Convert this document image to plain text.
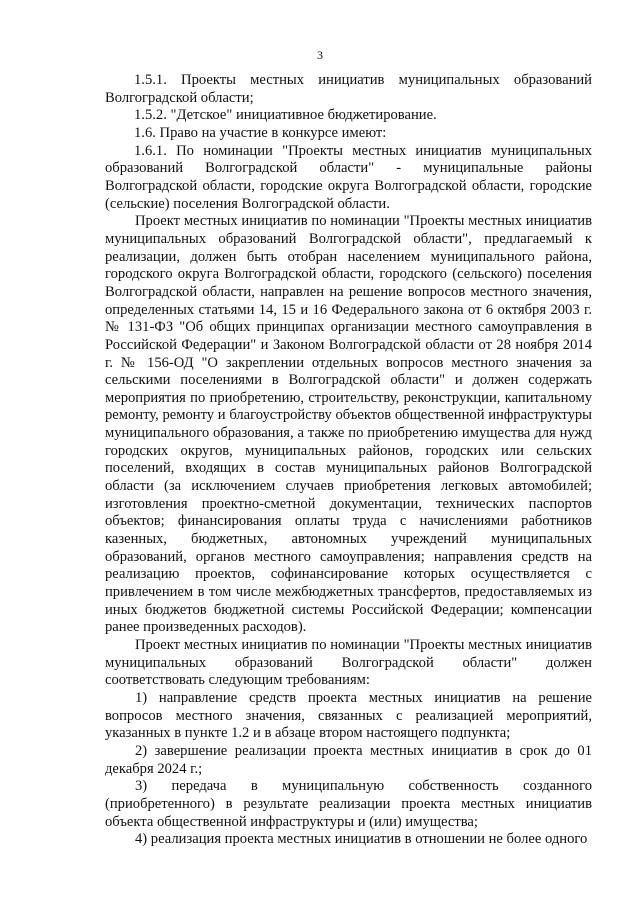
3

1.5.1. Проекты местных инициатив муниципальных образований Волгоградской области;

1.5.2. "Детское" инициативное бюджетирование.

1.6. Право на участие в конкурсе имеют:

1.6.1. По номинации "Проекты местных инициатив муниципальных образований Волгоградской области" - муниципальные районы Волгоградской области, городские округа Волгоградской области, городские (сельские) поселения Волгоградской области.

Проект местных инициатив по номинации "Проекты местных инициатив муниципальных образований Волгоградской области", предлагаемый к реализации, должен быть отобран населением муниципального района, городского округа Волгоградской области, городского (сельского) поселения Волгоградской области, направлен на решение вопросов местного значения, определенных статьями 14, 15 и 16 Федерального закона от 6 октября 2003 г. № 131-ФЗ "Об общих принципах организации местного самоуправления в Российской Федерации" и Законом Волгоградской области от 28 ноября 2014 г. № 156-ОД "О закреплении отдельных вопросов местного значения за сельскими поселениями в Волгоградской области" и должен содержать мероприятия по приобретению, строительству, реконструкции, капитальному ремонту, ремонту и благоустройству объектов общественной инфраструктуры муниципального образования, а также по приобретению имущества для нужд городских округов, муниципальных районов, городских или сельских поселений, входящих в состав муниципальных районов Волгоградской области (за исключением случаев приобретения легковых автомобилей; изготовления проектно-сметной документации, технических паспортов объектов; финансирования оплаты труда с начислениями работников казенных, бюджетных, автономных учреждений муниципальных образований, органов местного самоуправления; направления средств на реализацию проектов, софинансирование которых осуществляется с привлечением в том числе межбюджетных трансфертов, предоставляемых из иных бюджетов бюджетной системы Российской Федерации; компенсации ранее произведенных расходов).

Проект местных инициатив по номинации "Проекты местных инициатив муниципальных образований Волгоградской области" должен соответствовать следующим требованиям:

1) направление средств проекта местных инициатив на решение вопросов местного значения, связанных с реализацией мероприятий, указанных в пункте 1.2 и в абзаце втором настоящего подпункта;

2) завершение реализации проекта местных инициатив в срок до 01 декабря 2024 г.;

3) передача в муниципальную собственность созданного (приобретенного) в результате реализации проекта местных инициатив объекта общественной инфраструктуры и (или) имущества;

4) реализация проекта местных инициатив в отношении не более одного
